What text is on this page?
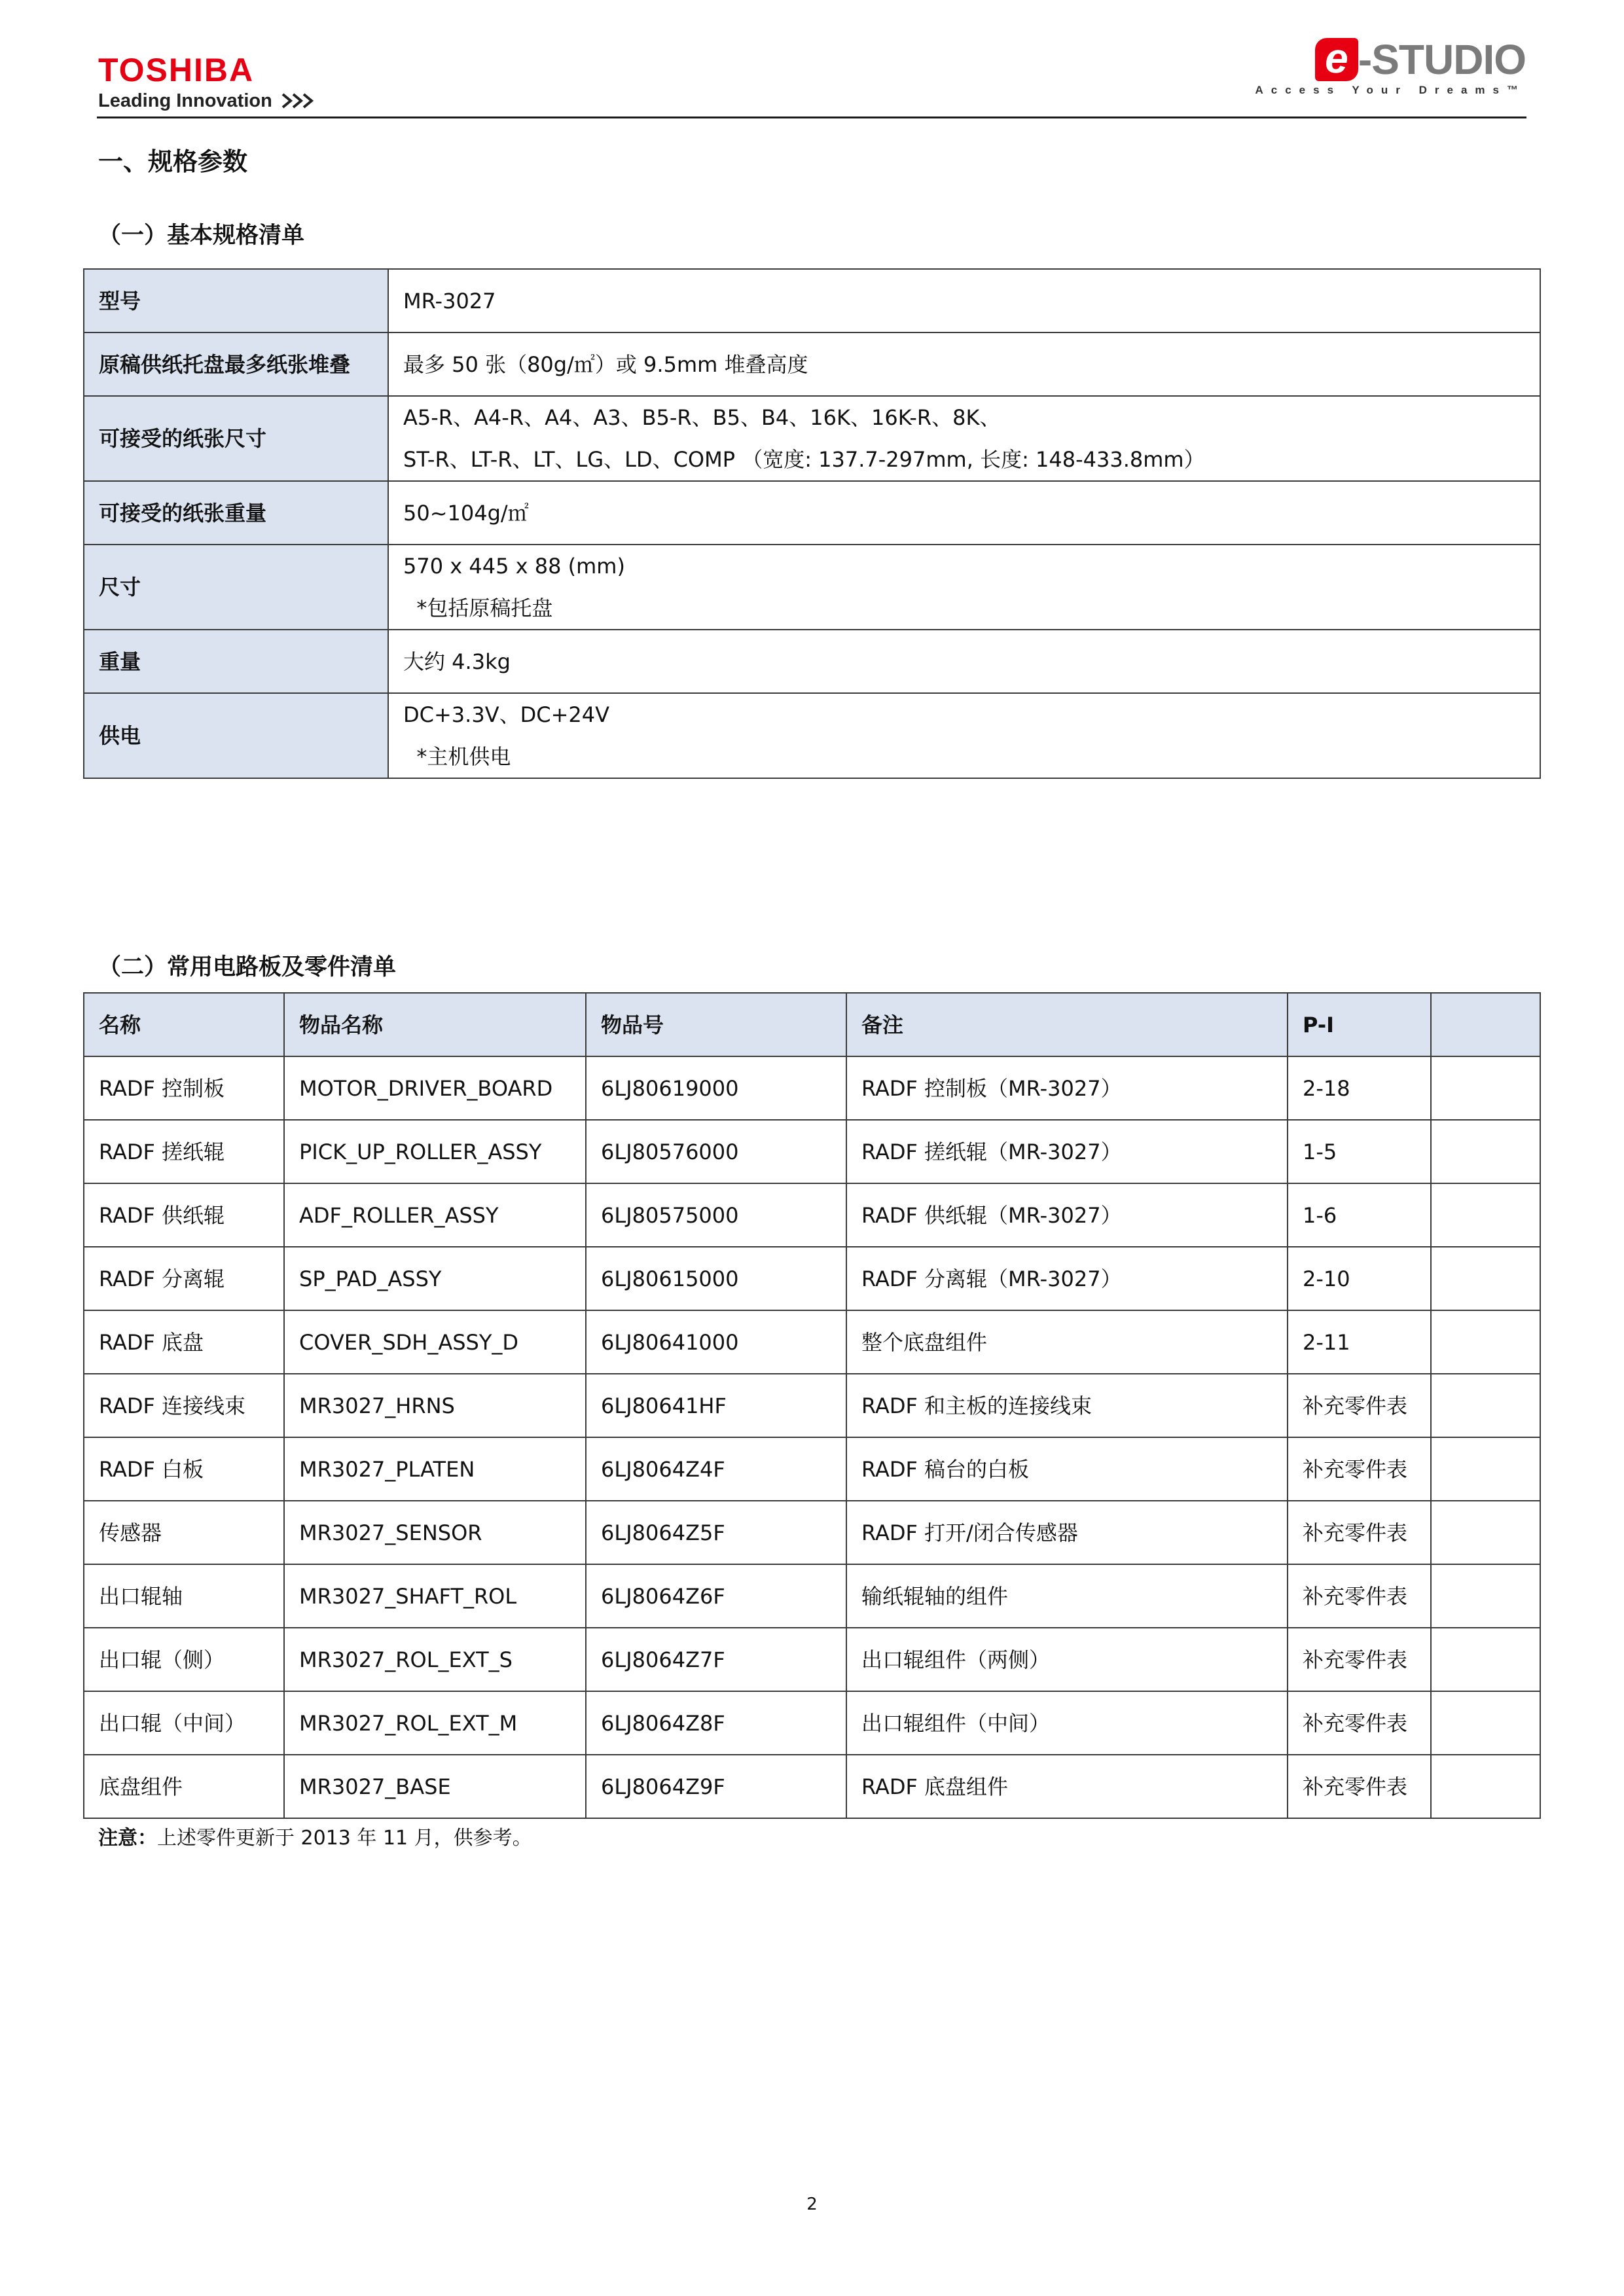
TOSHIBA
Leading Innovation
e -STUDIO
Access Your Dreams™
一、规格参数
（一）基本规格清单
型号	MR-3027

原稿供纸托盘最多纸张堆叠	最多 50 张（80g/㎡）或 9.5mm 堆叠高度

可接受的纸张尺寸	A5-R、A4-R、A4、A3、B5-R、B5、B4、16K、16K-R、8K、
ST-R、LT-R、LT、LG、LD、COMP （宽度: 137.7-297mm, 长度: 148-433.8mm）

可接受的纸张重量	50~104g/㎡

尺寸	570 x 445 x 88 (mm)
*包括原稿托盘

重量	大约 4.3kg

供电	DC+3.3V、DC+24V
*主机供电
（二）常用电路板及零件清单
名称	物品名称	物品号	备注	P-I	
RADF 控制板	MOTOR_DRIVER_BOARD	6LJ80619000	RADF 控制板（MR-3027）	2-18	
RADF 搓纸辊	PICK_UP_ROLLER_ASSY	6LJ80576000	RADF 搓纸辊（MR-3027）	1-5	
RADF 供纸辊	ADF_ROLLER_ASSY	6LJ80575000	RADF 供纸辊（MR-3027）	1-6	
RADF 分离辊	SP_PAD_ASSY	6LJ80615000	RADF 分离辊（MR-3027）	2-10	
RADF 底盘	COVER_SDH_ASSY_D	6LJ80641000	整个底盘组件	2-11	
RADF 连接线束	MR3027_HRNS	6LJ80641HF	RADF 和主板的连接线束	补充零件表	
RADF 白板	MR3027_PLATEN	6LJ8064Z4F	RADF 稿台的白板	补充零件表	
传感器	MR3027_SENSOR	6LJ8064Z5F	RADF 打开/闭合传感器	补充零件表	
出口辊轴	MR3027_SHAFT_ROL	6LJ8064Z6F	输纸辊轴的组件	补充零件表	
出口辊（侧）	MR3027_ROL_EXT_S	6LJ8064Z7F	出口辊组件（两侧）	补充零件表	
出口辊（中间）	MR3027_ROL_EXT_M	6LJ8064Z8F	出口辊组件（中间）	补充零件表	
底盘组件	MR3027_BASE	6LJ8064Z9F	RADF 底盘组件	补充零件表	
注意：上述零件更新于 2013 年 11 月，供参考。
2
